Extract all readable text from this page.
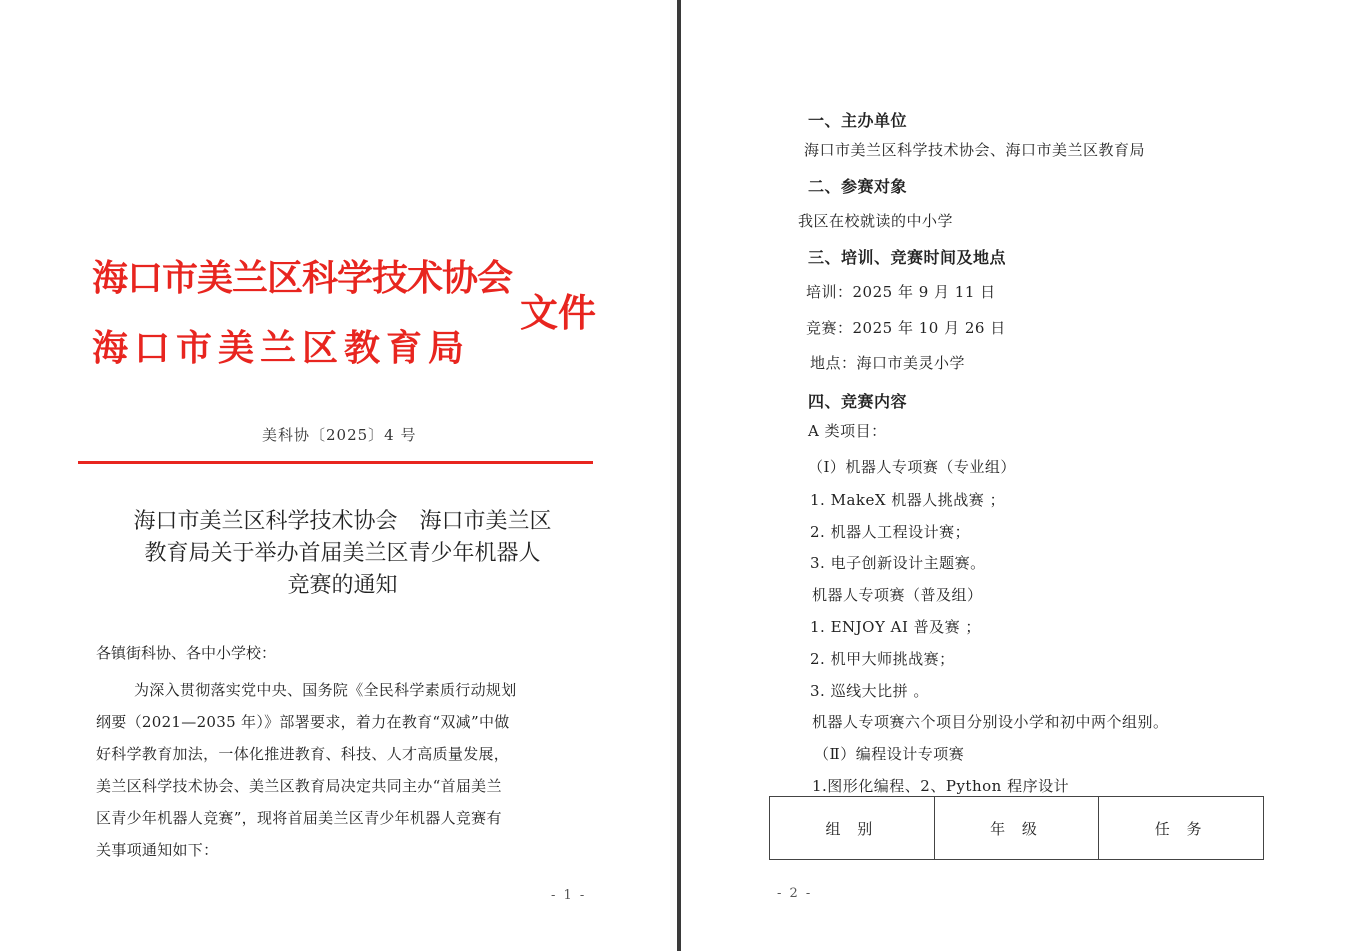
海口市美兰区科学技术协会
海口市美兰区教育局
文件
美科协〔2025〕4 号
海口市美兰区科学技术协会　海口市美兰区
教育局关于举办首届美兰区青少年机器人
竞赛的通知
各镇街科协、各中小学校：
为深入贯彻落实党中央、国务院《全民科学素质行动规划
纲要（2021—2035 年）》部署要求，着力在教育“双减”中做
好科学教育加法，一体化推进教育、科技、人才高质量发展，
美兰区科学技术协会、美兰区教育局决定共同主办“首届美兰
区青少年机器人竞赛”，现将首届美兰区青少年机器人竞赛有
关事项通知如下：
- 1 -
一、主办单位
海口市美兰区科学技术协会、海口市美兰区教育局
二、参赛对象
我区在校就读的中小学
三、培训、竞赛时间及地点
培训：2025 年 9 月 11 日
竞赛：2025 年 10 月 26 日
地点：海口市美灵小学
四、竞赛内容
A 类项目：
（Ⅰ）机器人专项赛（专业组）
1. MakeX 机器人挑战赛 ；
2. 机器人工程设计赛；
3. 电子创新设计主题赛。
机器人专项赛（普及组）
1. ENJOY AI 普及赛 ；
2. 机甲大师挑战赛；
3. 巡线大比拼 。
机器人专项赛六个项目分别设小学和初中两个组别。
（Ⅱ）编程设计专项赛
1.图形化编程、2、Python 程序设计
组 别	年 级	任 务
- 2 -
